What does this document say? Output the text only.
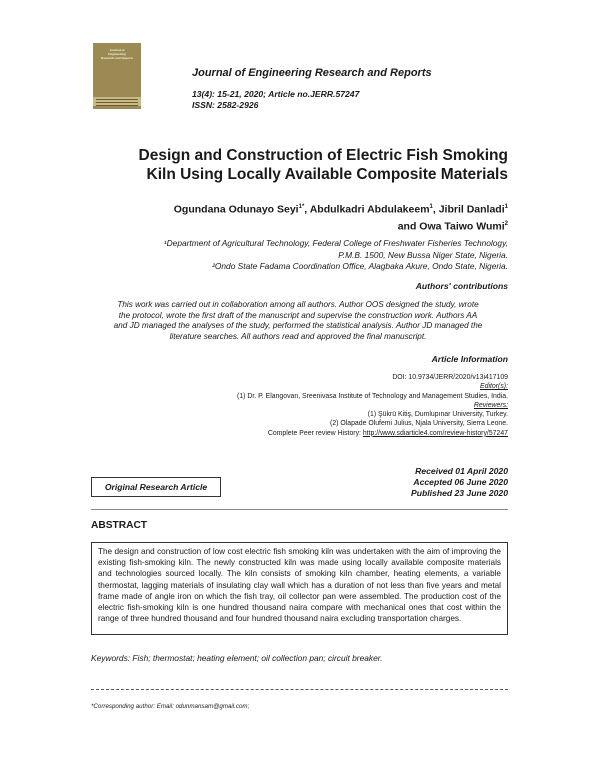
Journal of
Engineering
Research and Reports
Journal of Engineering Research and Reports
13(4): 15-21, 2020; Article no.JERR.57247
ISSN: 2582-2926
Design and Construction of Electric Fish Smoking
Kiln Using Locally Available Composite Materials
Ogundana Odunayo Seyi$^{1*}$, Abdulkadri Abdulakeem$^1$, Jibril Danladi$^1$
and Owa Taiwo Wumi$^2$
¹Department of Agricultural Technology, Federal College of Freshwater Fisheries Technology,
P.M.B. 1500, New Bussa Niger State, Nigeria.
²Ondo State Fadama Coordination Office, Alagbaka Akure, Ondo State, Nigeria.
Authors' contributions
This work was carried out in collaboration among all authors. Author OOS designed the study, wrote
the protocol, wrote the first draft of the manuscript and supervise the construction work. Authors AA
and JD managed the analyses of the study, performed the statistical analysis. Author JD managed the
literature searches. All authors read and approved the final manuscript.
Article Information
DOI: 10.9734/JERR/2020/v13i417109
Editor(s):
(1) Dr. P. Elangovan, Sreenivasa Institute of Technology and Management Studies, India.
Reviewers:
(1) Şükrü Kitiş, Dumlupınar University, Turkey.
(2) Olapade Olufemi Julius, Njala University, Sierra Leone.
Complete Peer review History: http://www.sdiarticle4.com/review-history/57247
Original Research Article
Received 01 April 2020
Accepted 06 June 2020
Published 23 June 2020
ABSTRACT
The design and construction of low cost electric fish smoking kiln was undertaken with the aim of improving the existing fish-smoking kiln. The newly constructed kiln was made using locally available composite materials and technologies sourced locally. The kiln consists of smoking kiln chamber, heating elements, a variable thermostat, lagging materials of insulating clay wall which has a duration of not less than five years and metal frame made of angle iron on which the fish tray, oil collector pan were assembled. The production cost of the electric fish-smoking kiln is one hundred thousand naira compare with mechanical ones that cost within the range of three hundred thousand and four hundred thousand naira excluding transportation charges.
Keywords: Fish; thermostat; heating element; oil collection pan; circuit breaker.
*Corresponding author: Email: odunmansam@gmail.com;
